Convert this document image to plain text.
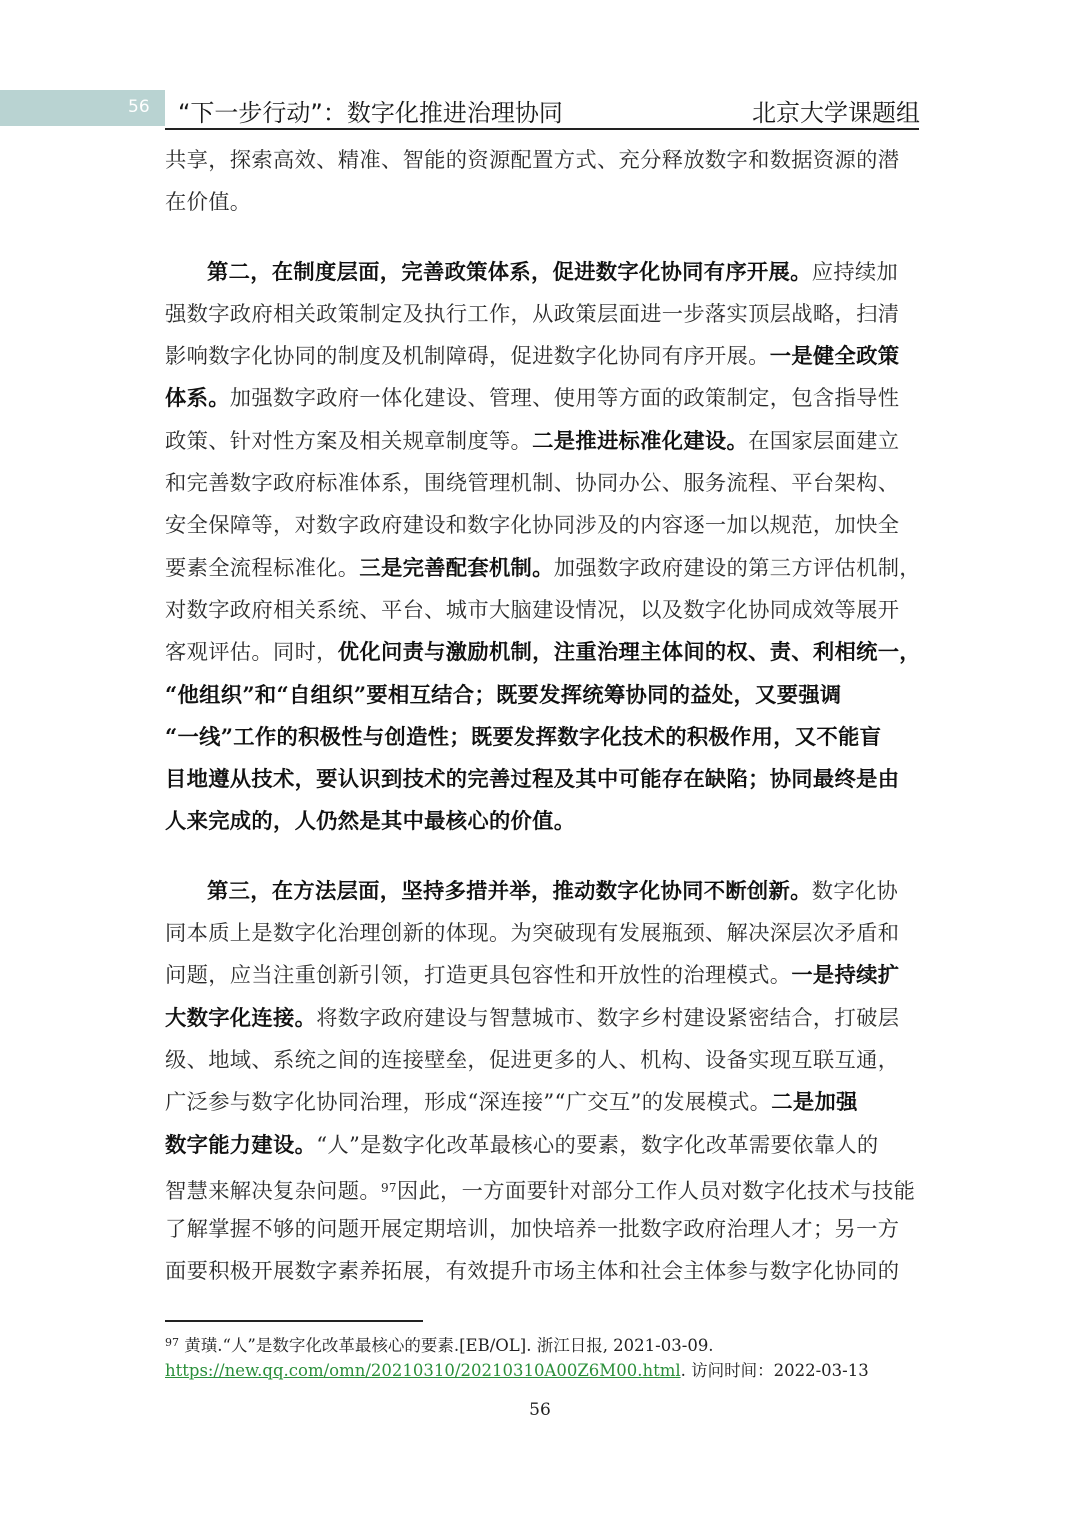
56 “下一步行动”：数字化推进治理协同	北京大学课题组
共享，探索高效、精准、智能的资源配置方式、充分释放数字和数据资源的潜
在价值。
第二，在制度层面，完善政策体系，促进数字化协同有序开展。应持续加
强数字政府相关政策制定及执行工作，从政策层面进一步落实顶层战略，扫清
影响数字化协同的制度及机制障碍，促进数字化协同有序开展。一是健全政策
体系。加强数字政府一体化建设、管理、使用等方面的政策制定，包含指导性
政策、针对性方案及相关规章制度等。二是推进标准化建设。在国家层面建立
和完善数字政府标准体系，围绕管理机制、协同办公、服务流程、平台架构、
安全保障等，对数字政府建设和数字化协同涉及的内容逐一加以规范，加快全
要素全流程标准化。三是完善配套机制。加强数字政府建设的第三方评估机制，
对数字政府相关系统、平台、城市大脑建设情况，以及数字化协同成效等展开
客观评估。同时，优化问责与激励机制，注重治理主体间的权、责、利相统一，
“他组织”和“自组织”要相互结合；既要发挥统筹协同的益处，又要强调
“一线”工作的积极性与创造性；既要发挥数字化技术的积极作用，又不能盲
目地遵从技术，要认识到技术的完善过程及其中可能存在缺陷；协同最终是由
人来完成的，人仍然是其中最核心的价值。
第三，在方法层面，坚持多措并举，推动数字化协同不断创新。数字化协
同本质上是数字化治理创新的体现。为突破现有发展瓶颈、解决深层次矛盾和
问题，应当注重创新引领，打造更具包容性和开放性的治理模式。一是持续扩
大数字化连接。将数字政府建设与智慧城市、数字乡村建设紧密结合，打破层
级、地域、系统之间的连接壁垒，促进更多的人、机构、设备实现互联互通，
广泛参与数字化协同治理，形成“深连接”“广交互”的发展模式。二是加强
数字能力建设。“人”是数字化改革最核心的要素，数字化改革需要依靠人的
智慧来解决复杂问题。$^{97}$因此，一方面要针对部分工作人员对数字化技术与技能
了解掌握不够的问题开展定期培训，加快培养一批数字政府治理人才；另一方
面要积极开展数字素养拓展，有效提升市场主体和社会主体参与数字化协同的
$^{97}$ 黄璜.“人”是数字化改革最核心的要素.[EB/OL]. 浙江日报, 2021-03-09.
https://new.qq.com/omn/20210310/20210310A00Z6M00.html. 访问时间：2022-03-13
56
